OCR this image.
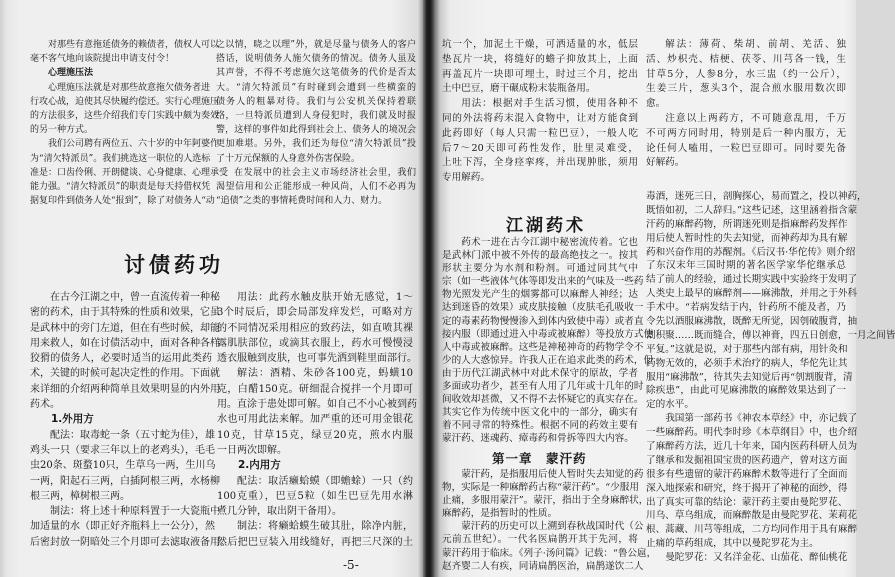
对那些有意拖延债务的赖债者，债权人可以
毫不客气地向该院提出申请支付令！
心理施压法
心理施压法就是对那些故意拖欠债务者进
行攻心战，迫使其尽快履约偿还。实行心理施压
的方法很多，这些介绍我们专门实践中颇为奏效
的另一种方式。
我们公司聘有两位五、六十岁的中年阿婆作
为“清欠特派员”。我们挑选这一职位的人选标
准是：口齿伶俐、开朗健谈、心身健康、心理承受
能力强。“清欠特派员”的职责是每天持借权凭
据复印件到债务人处“报到”，除了对债务人“动
之以情，晓之以理”外，就是尽量与债务人的客户
搭话，说明债务人施欠债务的情况。债务人虽及
其声誉，不得不考虑施欠这笔债务的代价是否太
大。“清欠特派员”有时碰到会遭到一些横蛮的
债务人的粗暴对待。我们与公安机关保持着联
络，一旦特派员遭到人身侵犯时，我们就及时报
警，这样的事件如此得到社会上、债务人的境况会
更加难堪。另外，我们还为每位“清欠特派员”投
了十万元保额的人身意外伤害保险。
在发展中的社会主义市场经济社会里，我们
渴望信用和公正能形成一种风尚，人们不必再为
“追债”之类的事情耗费时间和人力、财力。
讨债药功
在古今江湖之中，曾一直流传着一种秘
密的药术，由于其特殊的性质和效果，它虽
是武林中的旁门左道，但在有些时候，却能
用来救人，如在讨债活动中，面对各种各样
狡猾的债务人，必要时适当的运用此类药
术，关键的时候可起决定性的作用。下面就
来详细的介绍两种简单且效果明显的内外用
药术。
1.外用方
配法：取毒蛇一条（五寸蛇为佳），雄
鸡头一只（要求三年以上的老鸡头），毛毛
虫20条、斑蝥10只，生草乌一两，生川乌
一两，阳起石三两，白插阿根三两，水杨柳
根三两，樟树根三两。
制法：将上述十种原料置于一大瓷瓶中
加适量的水（即正好齐瓶料上一公分），然
后密封放一阴暗处三个月即可去滤取液备用。
用法：此药水触皮肤开始无感觉，1～
3个时辰后，即会局部发痒发烂，可略对方
的不同情况采用相应的致药法，如直喷其裸
露肌肤部位，或滴其衣服上，药水可慢慢浸
透衣服触到皮肤，也可事先洒到鞋里面部行。
解法：酒精、朱砂各100克，蚂蟥10
克，白醋150克。研细混合搅拌一个月即可
用。直涂于患处即可解。如自己不小心被到药
水也可用此法来解。加严重的还可用金银花
10克，甘草15克，绿豆20克，煎水内服
一日两次即解。
2.内用方
配法：取活癞蛤蟆（即蟾蜍）一只（约
100克重），巴豆5粒（如生巴豆先用水淋
煮几分钟，取出阴干备用）。
制法：将癞蛤蟆生破其肚，除净内脏，
然后把巴豆装入用线缝好，再把三尺深的土
-5-
坑一个，加泥土干燥，可洒适量的水，低层
垫瓦片一块，将缝好的蟾子抑放其上，上面
再盖瓦片一块即可埋土，时过三个月，挖出
土中巴豆，磨干碾成粉末装瓶备用。
用法：根据对手生活习惯，使用各种不
同的外法将药末混入食物中，让对方能食到
此药即好（每人只需一粒巴豆），一般人吃
后7～20天即可药性发作，肚里灵难受，
上吐下泻，全身痉挛疼，并出现肿胀，须用
专用解药。
解法：薄荷、柴胡、前胡、羌活、独
活、炒枳壳、桔梗、茯苓、川芎各一钱，生
甘草5分，人参8分，水三盅（约一公斤），
生姜三片，葱头3个，混合煎水服用数次即
愈。
注意以上两药方，不可随意乱用，千万
不可两方同时用，特别是后一种内服方，无
论任何人嗑用，一粒巴豆即可。同时要先备
好解药。
江湖药术
药术一进在古今江湖中秘密流传着。它也
是武林门派中被不外传的最高绝技之一。按其
形状主要分为水剂和粉剂。可通过同其气中
宗（如一些液体气体等即发出来的气味及一些药
物光照发光产生的烟雾都可以麻醉人神经；达
达到迷昏的效果）或皮肤接触（皮肤毛孔吸收一
定的毒素药物慢慢渗入到体内致使中毒）或者直
接内服（即通过进入中毒或被麻醉）等投放方式使
人中毒或被麻醉。这些是神秘神奇的药物学令不
少的人大惑惊异。许我人正在追求此类的药术，但
由于历代江湖武林中对此术保守的原故，学者
多面或功者少，甚至有人用了几年或十几年的时
间收效却甚微，又不得不去怀疑它的真实存在。
其实它作为传统中医文化中的一部分，确实有
着不同寻常的特殊性。根据不同的药效主要有
蒙汗药、迷魂药、瘴毒药和骨拆等四大内容。
第一章　蒙汗药
蒙汗药，是指服用后使人暂时失去知觉的药
物，实际是一种麻醉药古称“蒙汗药”。“少服用
止痛，多服用蒙汗”。蒙汗，指出于全身麻醉状，
麻醉药，是指暂时的性质。
蒙汗药的历史可以上溯到春秋战国时代（公
元前五世纪）。一代名医扁鹊开其于先河，将
蒙汗药用于临床。《列子·汤问篇》记载：“鲁公扈，
赵齐婴二人有疾，同请扁鹊医治，扁鹊遂饮二人
毒酒，迷死三日，剖胸探心，易而置之，投以神药，
既悟如初，二人辞归。”这些记述，这里涵着指含蒙
汗药的麻醉药物，所谓迷死则是指麻醉药发挥作
用后使人暂时性的失去知觉，而神药却为具有解
药和兴奋作用的苏醒剂。《后汉书·华佗传》则介绍
了东汉末年三国时期的著名医学家华佗继承总
结了前人的经验，通过长期实践中实验终于发明了
人类史上最早的麻醉剂——麻沸散，并用之于外科
手术中。“若病发结于内，针药所不能及者，乃
令先以酒服麻沸散，既醉无所觉，因刳破腹背，抽
割积聚……既而缝合，傅以神膏，四五日创愈，一月之间皆
平复。”这就是说，对于那些内部有病，用针灸和
药物无效的，必须手术治疗的病人，华佗先让其
服用“麻沸散”，待其失去知觉后再“刳割腹背，清
除疾患”，由此可见麻沸散的麻醉效果达到了一
定的水平。
我国第一部药书《神农本草经》中，亦记载了
一些麻醉药。明代李时珍《本草纲目》中，也介绍
了麻醉药方法，近几十年来，国内医药科研人员为
了继承和发掘祖国宝贵的医药遗产，曾对这方面
很多有些遗留的蒙汗药麻醉术数等进行了全面而
深入地探索和研究，终于揭开了神秘的面纱，得
出了真实可靠的结论：蒙汗药主要由曼陀罗花、
川乌、草乌组成，而麻醉散是由曼陀罗花、茉莉花
根、蒿藏、川芎等组成，二方均同作用于具有麻醉
止痛的草药组成，其中以曼陀罗花为主。
曼陀罗花：又名洋金花、山茄花、醉仙桃花
